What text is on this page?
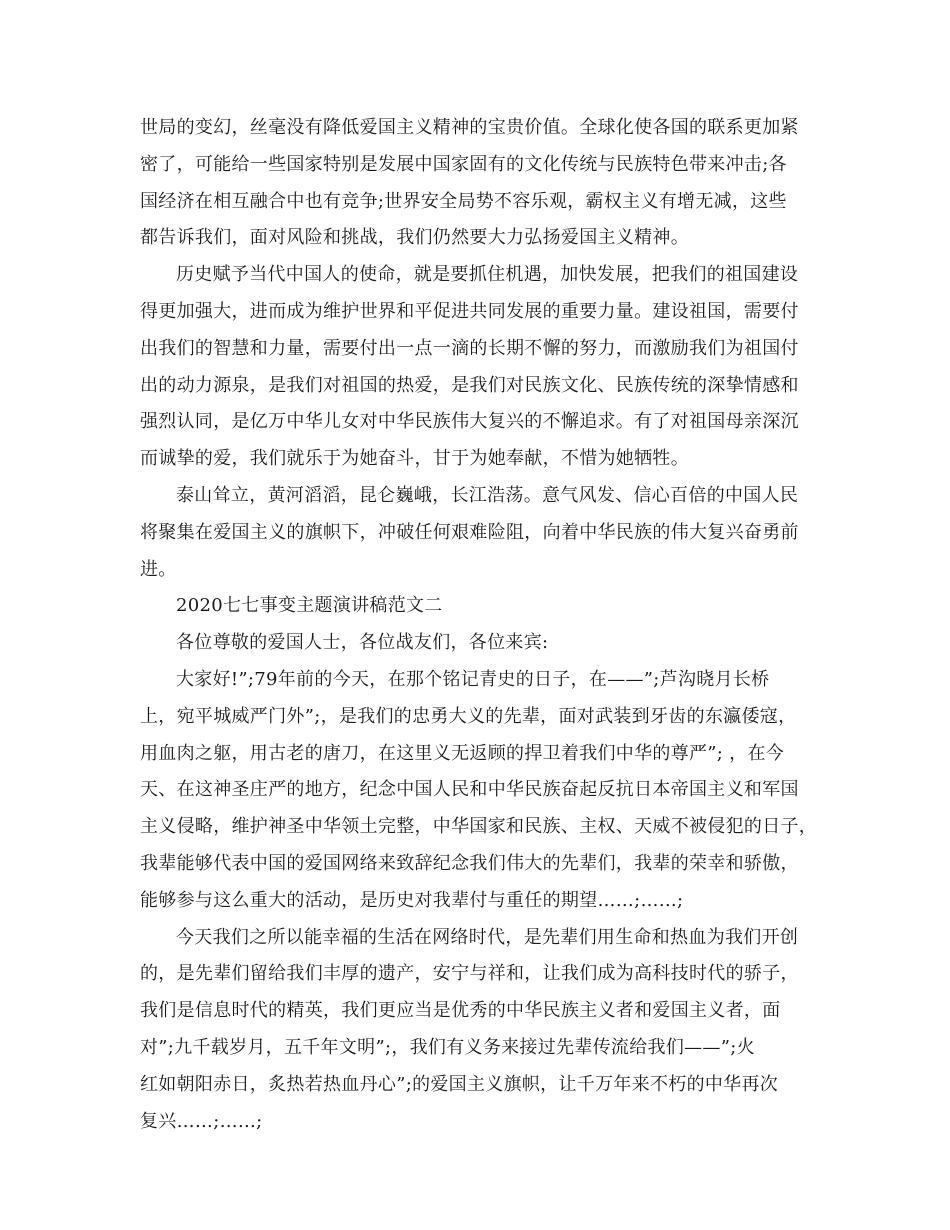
世局的变幻，丝毫没有降低爱国主义精神的宝贵价值。全球化使各国的联系更加紧
密了，可能给一些国家特别是发展中国家固有的文化传统与民族特色带来冲击;各
国经济在相互融合中也有竞争;世界安全局势不容乐观，霸权主义有增无减，这些
都告诉我们，面对风险和挑战，我们仍然要大力弘扬爱国主义精神。
历史赋予当代中国人的使命，就是要抓住机遇，加快发展，把我们的祖国建设
得更加强大，进而成为维护世界和平促进共同发展的重要力量。建设祖国，需要付
出我们的智慧和力量，需要付出一点一滴的长期不懈的努力，而激励我们为祖国付
出的动力源泉，是我们对祖国的热爱，是我们对民族文化、民族传统的深挚情感和
强烈认同，是亿万中华儿女对中华民族伟大复兴的不懈追求。有了对祖国母亲深沉
而诚挚的爱，我们就乐于为她奋斗，甘于为她奉献，不惜为她牺牲。
泰山耸立，黄河滔滔，昆仑巍峨，长江浩荡。意气风发、信心百倍的中国人民
将聚集在爱国主义的旗帜下，冲破任何艰难险阻，向着中华民族的伟大复兴奋勇前
进。
2020七七事变主题演讲稿范文二
各位尊敬的爱国人士，各位战友们，各位来宾:
大家好!”;79年前的今天，在那个铭记青史的日子，在——”;芦沟晓月长桥
上，宛平城威严门外”;，是我们的忠勇大义的先辈，面对武装到牙齿的东瀛倭寇，
用血肉之躯，用古老的唐刀，在这里义无返顾的捍卫着我们中华的尊严”; ，在今
天、在这神圣庄严的地方，纪念中国人民和中华民族奋起反抗日本帝国主义和军国
主义侵略，维护神圣中华领土完整，中华国家和民族、主权、天威不被侵犯的日子，
我辈能够代表中国的爱国网络来致辞纪念我们伟大的先辈们，我辈的荣幸和骄傲，
能够参与这么重大的活动，是历史对我辈付与重任的期望……;……;
今天我们之所以能幸福的生活在网络时代，是先辈们用生命和热血为我们开创
的，是先辈们留给我们丰厚的遗产，安宁与祥和，让我们成为高科技时代的骄子，
我们是信息时代的精英，我们更应当是优秀的中华民族主义者和爱国主义者，面
对”;九千载岁月，五千年文明”;，我们有义务来接过先辈传流给我们——”;火
红如朝阳赤日，炙热若热血丹心”;的爱国主义旗帜，让千万年来不朽的中华再次
复兴……;……;
